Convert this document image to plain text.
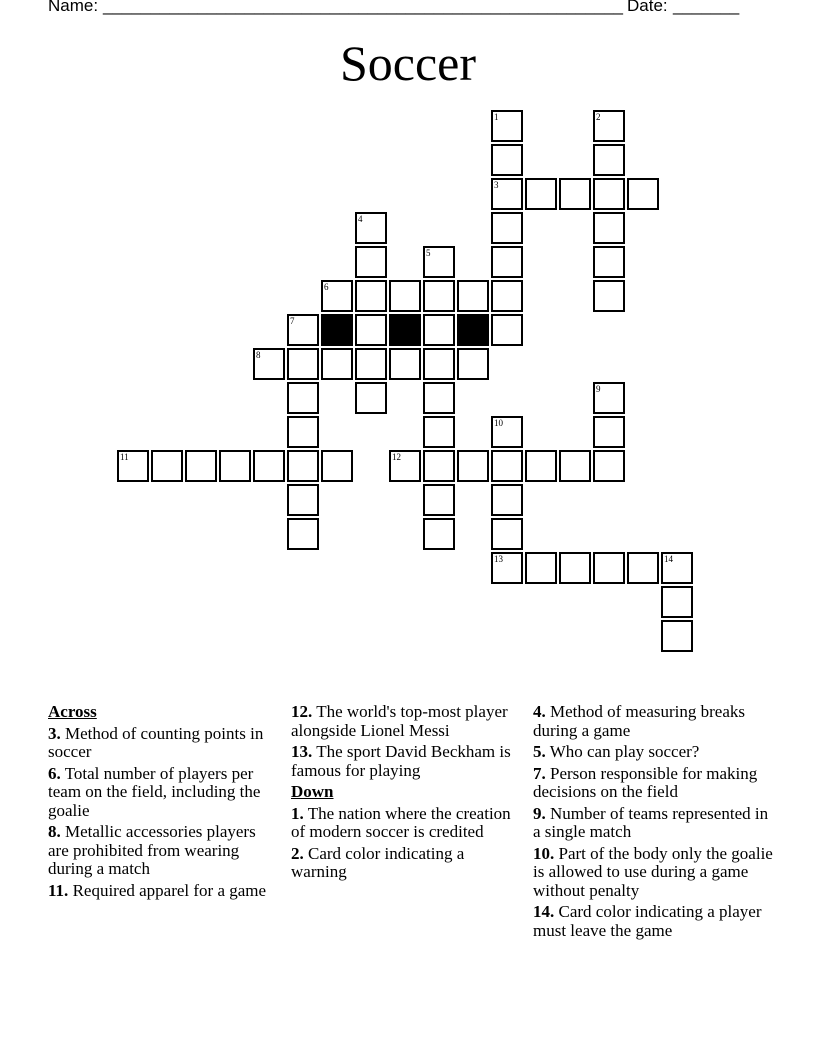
Name: _______________________________________________________ Date: _______
Soccer
1	2
3
4
5
6
7
8
9
10
11	12
13	14
Across
3. Method of counting points in soccer
6. Total number of players per team on the field, including the goalie
8. Metallic accessories players are prohibited from wearing during a match
11. Required apparel for a game
12. The world's top-most player alongside Lionel Messi
13. The sport David Beckham is famous for playing
Down
1. The nation where the creation of modern soccer is credited
2. Card color indicating a warning
4. Method of measuring breaks during a game
5. Who can play soccer?
7. Person responsible for making decisions on the field
9. Number of teams represented in a single match
10. Part of the body only the goalie is allowed to use during a game without penalty
14. Card color indicating a player must leave the game
